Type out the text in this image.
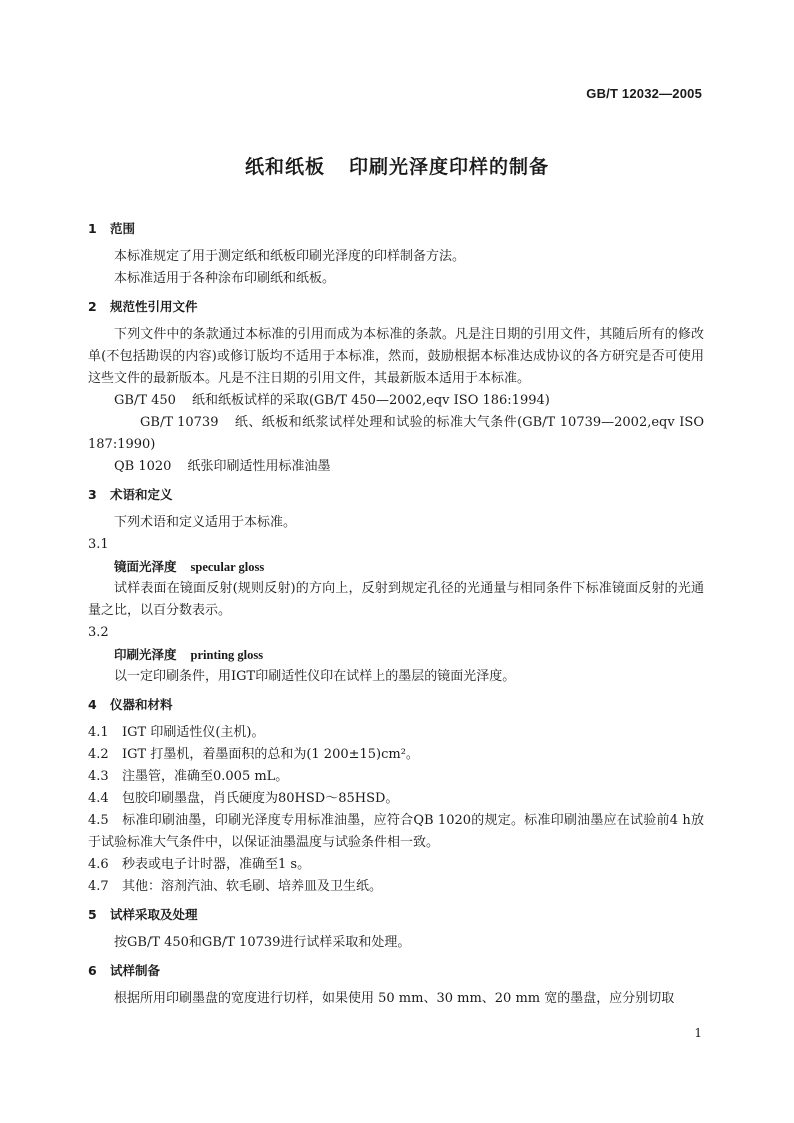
GB/T 12032—2005
纸和纸板 印刷光泽度印样的制备
1 范围

本标准规定了用于测定纸和纸板印刷光泽度的印样制备方法。

本标准适用于各种涂布印刷纸和纸板。

2 规范性引用文件

下列文件中的条款通过本标准的引用而成为本标准的条款。凡是注日期的引用文件，其随后所有的修改单(不包括勘误的内容)或修订版均不适用于本标准，然而，鼓励根据本标准达成协议的各方研究是否可使用这些文件的最新版本。凡是不注日期的引用文件，其最新版本适用于本标准。

GB/T 450 纸和纸板试样的采取(GB/T 450—2002,eqv ISO 186:1994)

GB/T 10739 纸、纸板和纸浆试样处理和试验的标准大气条件(GB/T 10739—2002,eqv ISO 187:1990)

QB 1020 纸张印刷适性用标准油墨

3 术语和定义

下列术语和定义适用于本标准。

3.1

镜面光泽度 specular gloss

试样表面在镜面反射(规则反射)的方向上，反射到规定孔径的光通量与相同条件下标准镜面反射的光通量之比，以百分数表示。

3.2

印刷光泽度 printing gloss

以一定印刷条件，用IGT印刷适性仪印在试样上的墨层的镜面光泽度。

4 仪器和材料

4.1 IGT 印刷适性仪(主机)。

4.2 IGT 打墨机，着墨面积的总和为(1 200±15)cm²。

4.3 注墨管，准确至0.005 mL。

4.4 包胶印刷墨盘，肖氏硬度为80HSD～85HSD。

4.5 标准印刷油墨，印刷光泽度专用标准油墨，应符合QB 1020的规定。标准印刷油墨应在试验前4 h放于试验标准大气条件中，以保证油墨温度与试验条件相一致。

4.6 秒表或电子计时器，准确至1 s。

4.7 其他：溶剂汽油、软毛刷、培养皿及卫生纸。

5 试样采取及处理

按GB/T 450和GB/T 10739进行试样采取和处理。

6 试样制备

根据所用印刷墨盘的宽度进行切样，如果使用 50 mm、30 mm、20 mm 宽的墨盘，应分别切取

1
